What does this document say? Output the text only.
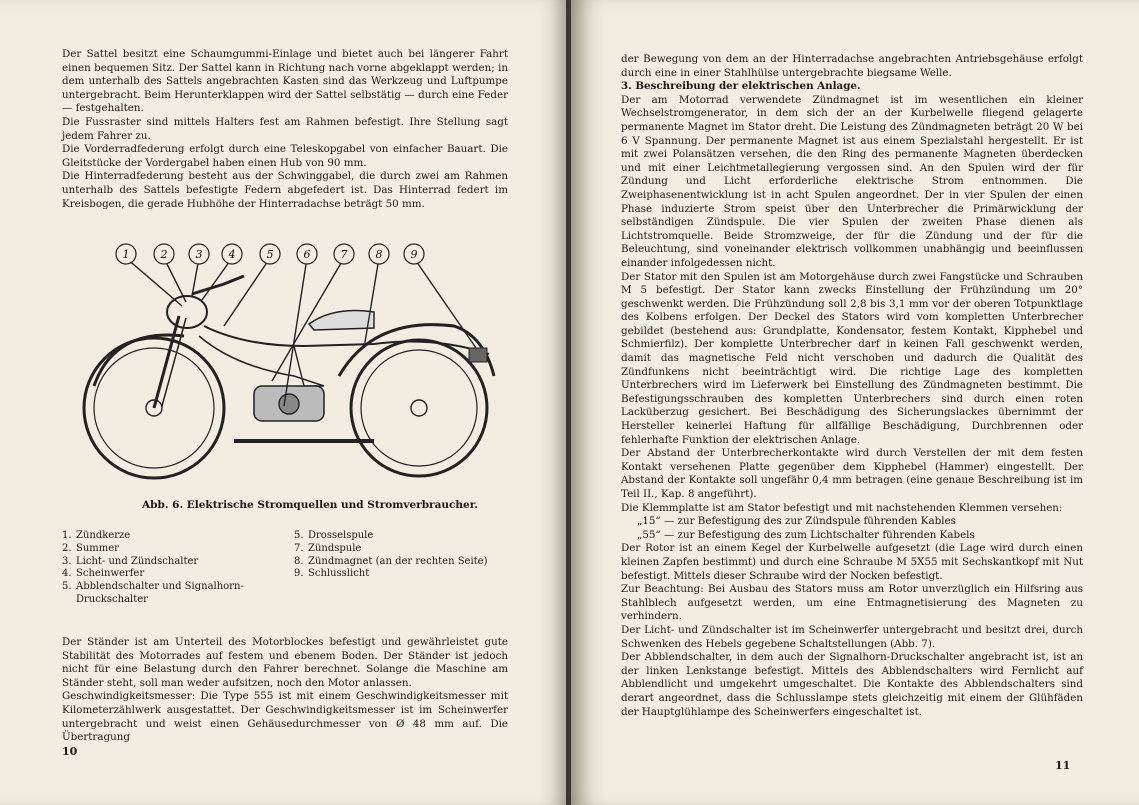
Der Sattel besitzt eine Schaumgummi-Einlage und bietet auch bei längerer Fahrt einen bequemen Sitz. Der Sattel kann in Richtung nach vorne abgeklappt werden; in dem unterhalb des Sattels angebrachten Kasten sind das Werkzeug und Luftpumpe untergebracht. Beim Herunterklappen wird der Sattel selbstätig — durch eine Feder — festgehalten.

Die Fussraster sind mittels Halters fest am Rahmen befestigt. Ihre Stellung sagt jedem Fahrer zu.

Die Vorderradfederung erfolgt durch eine Teleskopgabel von einfacher Bauart. Die Gleitstücke der Vordergabel haben einen Hub von 90 mm.

Die Hinterradfederung besteht aus der Schwinggabel, die durch zwei am Rahmen unterhalb des Sattels befestigte Federn abgefedert ist. Das Hinterrad federt im Kreisbogen, die gerade Hubhöhe der Hinterradachse beträgt 50 mm.

Abb. 6. Elektrische Stromquellen und Stromverbraucher.
1. Zündkerze
2. Summer
3. Licht- und Zündschalter
4. Scheinwerfer
5. Abblendschalter und Signalhorn-Druckschalter
5. Drosselspule
7. Zündspule
8. Zündmagnet (an der rechten Seite)
9. Schlusslicht

Der Ständer ist am Unterteil des Motorblockes befestigt und gewährleistet gute Stabilität des Motorrades auf festem und ebenem Boden. Der Ständer ist jedoch nicht für eine Belastung durch den Fahrer berechnet. Solange die Maschine am Ständer steht, soll man weder aufsitzen, noch den Motor anlassen.

Geschwindigkeitsmesser: Die Type 555 ist mit einem Geschwindigkeitsmesser mit Kilometerzählwerk ausgestattet. Der Geschwindigkeitsmesser ist im Scheinwerfer untergebracht und weist einen Gehäusedurchmesser von Ø 48 mm auf. Die Übertragung

10

der Bewegung von dem an der Hinterradachse angebrachten Antriebsgehäuse erfolgt durch eine in einer Stahlhülse untergebrachte biegsame Welle.

3. Beschreibung der elektrischen Anlage.

Der am Motorrad verwendete Zündmagnet ist im wesentlichen ein kleiner Wechselstromgenerator, in dem sich der an der Kurbelwelle fliegend gelagerte permanente Magnet im Stator dreht. Die Leistung des Zündmagneten beträgt 20 W bei 6 V Spannung. Der permanente Magnet ist aus einem Spezialstahl hergestellt. Er ist mit zwei Polansätzen versehen, die den Ring des permanente Magneten überdecken und mit einer Leichtmetallegierung vergossen sind. An den Spulen wird der für Zündung und Licht erforderliche elektrische Strom entnommen. Die Zweiphasenentwicklung ist in acht Spulen angeordnet. Der in vier Spulen der einen Phase induzierte Strom speist über den Unterbrecher die Primärwicklung der selbständigen Zündspule. Die vier Spulen der zweiten Phase dienen als Lichtstromquelle. Beide Stromzweige, der für die Zündung und der für die Beleuchtung, sind voneinander elektrisch vollkommen unabhängig und beeinflussen einander infolgedessen nicht.

Der Stator mit den Spulen ist am Motorgehäuse durch zwei Fangstücke und Schrauben M 5 befestigt. Der Stator kann zwecks Einstellung der Frühzündung um 20° geschwenkt werden. Die Frühzündung soll 2,8 bis 3,1 mm vor der oberen Totpunktlage des Kolbens erfolgen. Der Deckel des Stators wird vom kompletten Unterbrecher gebildet (bestehend aus: Grundplatte, Kondensator, festem Kontakt, Kipphebel und Schmierfilz). Der komplette Unterbrecher darf in keinen Fall geschwenkt werden, damit das magnetische Feld nicht verschoben und dadurch die Qualität des Zündfunkens nicht beeinträchtigt wird. Die richtige Lage des kompletten Unterbrechers wird im Lieferwerk bei Einstellung des Zündmagneten bestimmt. Die Befestigungsschrauben des kompletten Unterbrechers sind durch einen roten Lacküberzug gesichert. Bei Beschädigung des Sicherungslackes übernimmt der Hersteller keinerlei Haftung für allfällige Beschädigung, Durchbrennen oder fehlerhafte Funktion der elektrischen Anlage.

Der Abstand der Unterbrecherkontakte wird durch Verstellen der mit dem festen Kontakt versehenen Platte gegenüber dem Kipphebel (Hammer) eingestellt. Der Abstand der Kontakte soll ungefähr 0,4 mm betragen (eine genaue Beschreibung ist im Teil II., Kap. 8 angeführt).

Die Klemmplatte ist am Stator befestigt und mit nachstehenden Klemmen versehen:

„15“ — zur Befestigung des zur Zündspule führenden Kables

„55“ — zur Befestigung des zum Lichtschalter führenden Kabels

Der Rotor ist an einem Kegel der Kurbelwelle aufgesetzt (die Lage wird durch einen kleinen Zapfen bestimmt) und durch eine Schraube M 5X55 mit Sechskantkopf mit Nut befestigt. Mittels dieser Schraube wird der Nocken befestigt.

Zur Beachtung: Bei Ausbau des Stators muss am Rotor unverzüglich ein Hilfsring aus Stahlblech aufgesetzt werden, um eine Entmagnetisierung des Magneten zu verhindern.

Der Licht- und Zündschalter ist im Scheinwerfer untergebracht und besitzt drei, durch Schwenken des Hebels gegebene Schaltstellungen (Abb. 7).

Der Abblendschalter, in dem auch der Signalhorn-Druckschalter angebracht ist, ist an der linken Lenkstange befestigt. Mittels des Abblendschalters wird Fernlicht auf Abblendlicht und umgekehrt umgeschaltet. Die Kontakte des Abblendschalters sind derart angeordnet, dass die Schlusslampe stets gleichzeitig mit einem der Glühfäden der Hauptglühlampe des Scheinwerfers eingeschaltet ist.

11
1	2	3 4	5	6	7	8	9
